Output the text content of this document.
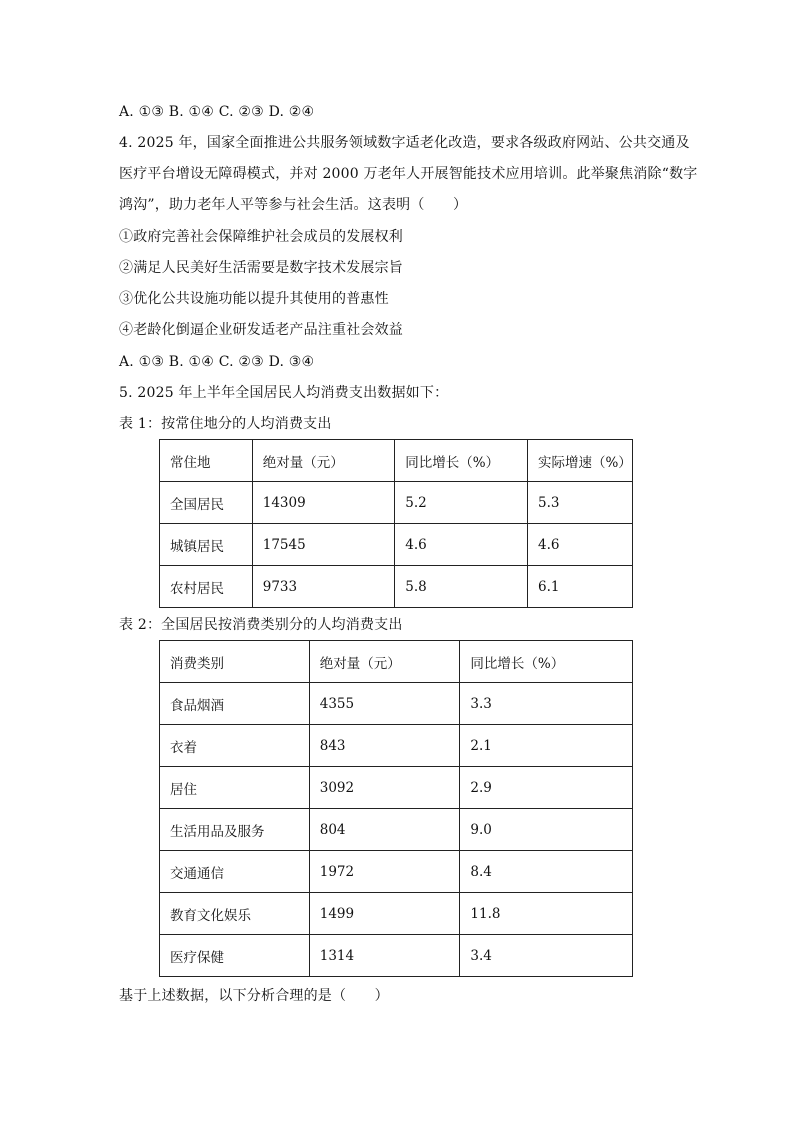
A. ①③ B. ①④ C. ②③ D. ②④
4. 2025 年，国家全面推进公共服务领域数字适老化改造，要求各级政府网站、公共交通及
医疗平台增设无障碍模式，并对 2000 万老年人开展智能技术应用培训。此举聚焦消除“数字
鸿沟”，助力老年人平等参与社会生活。这表明（　　）
①政府完善社会保障维护社会成员的发展权利
②满足人民美好生活需要是数字技术发展宗旨
③优化公共设施功能以提升其使用的普惠性
④老龄化倒逼企业研发适老产品注重社会效益
A. ①③ B. ①④ C. ②③ D. ③④
5. 2025 年上半年全国居民人均消费支出数据如下：
表 1：按常住地分的人均消费支出
常住地	绝对量（元）	同比增长（%）	实际增速（%）
全国居民	14309	5.2	5.3
城镇居民	17545	4.6	4.6
农村居民	9733	5.8	6.1
表 2：全国居民按消费类别分的人均消费支出
消费类别	绝对量（元）	同比增长（%）
食品烟酒	4355	3.3
衣着	843	2.1
居住	3092	2.9
生活用品及服务	804	9.0
交通通信	1972	8.4
教育文化娱乐	1499	11.8
医疗保健	1314	3.4
基于上述数据，以下分析合理的是（　　）
